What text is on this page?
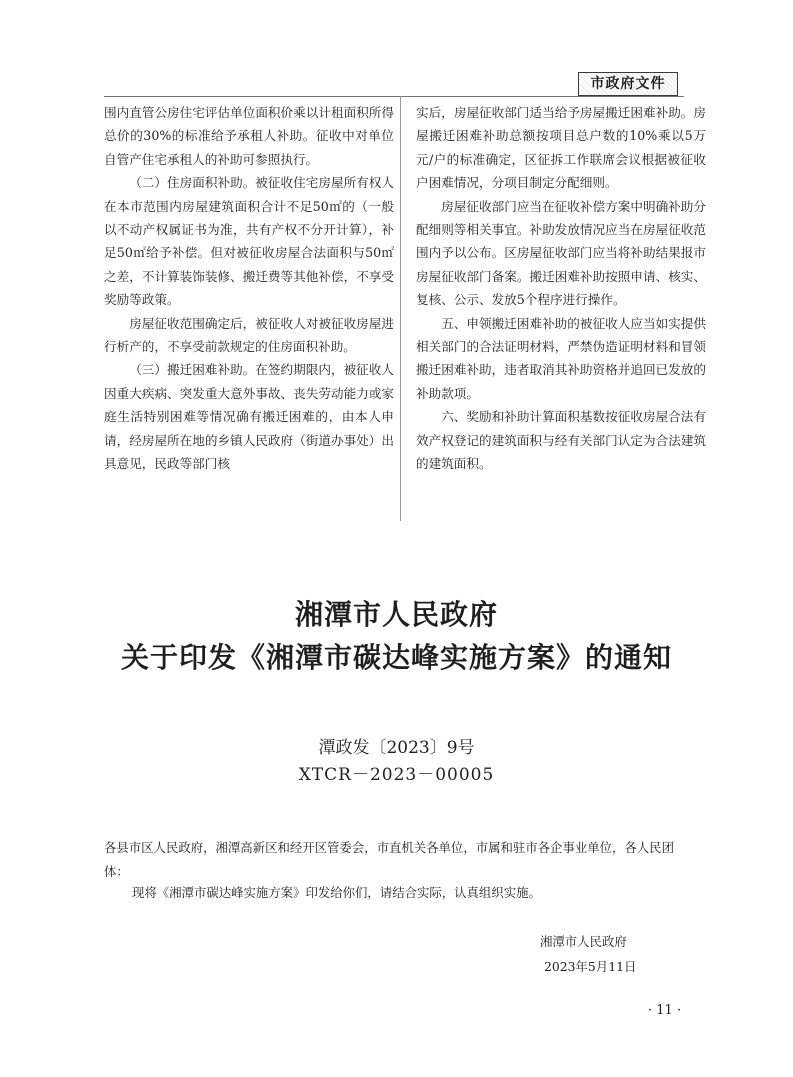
市政府文件

围内直管公房住宅评估单位面积价乘以计租面积所得总价的30%的标准给予承租人补助。征收中对单位自管产住宅承租人的补助可参照执行。

（二）住房面积补助。被征收住宅房屋所有权人在本市范围内房屋建筑面积合计不足50㎡的（一般以不动产权属证书为准，共有产权不分开计算），补足50㎡给予补偿。但对被征收房屋合法面积与50㎡之差，不计算装饰装修、搬迁费等其他补偿，不享受奖励等政策。

房屋征收范围确定后，被征收人对被征收房屋进行析产的，不享受前款规定的住房面积补助。

（三）搬迁困难补助。在签约期限内，被征收人因重大疾病、突发重大意外事故、丧失劳动能力或家庭生活特别困难等情况确有搬迁困难的，由本人申请，经房屋所在地的乡镇人民政府（街道办事处）出具意见，民政等部门核

实后，房屋征收部门适当给予房屋搬迁困难补助。房屋搬迁困难补助总额按项目总户数的10%乘以5万元/户的标准确定，区征拆工作联席会议根据被征收户困难情况，分项目制定分配细则。

房屋征收部门应当在征收补偿方案中明确补助分配细则等相关事宜。补助发放情况应当在房屋征收范围内予以公布。区房屋征收部门应当将补助结果报市房屋征收部门备案。搬迁困难补助按照申请、核实、复核、公示、发放5个程序进行操作。

五、申领搬迁困难补助的被征收人应当如实提供相关部门的合法证明材料，严禁伪造证明材料和冒领搬迁困难补助，违者取消其补助资格并追回已发放的补助款项。

六、奖励和补助计算面积基数按征收房屋合法有效产权登记的建筑面积与经有关部门认定为合法建筑的建筑面积。

湘潭市人民政府
关于印发《湘潭市碳达峰实施方案》的通知
潭政发〔2023〕9号
XTCR－2023－00005
各县市区人民政府，湘潭高新区和经开区管委会，市直机关各单位，市属和驻市各企事业单位，各人民团体：
现将《湘潭市碳达峰实施方案》印发给你们，请结合实际，认真组织实施。
湘潭市人民政府
2023年5月11日
· 11 ·
